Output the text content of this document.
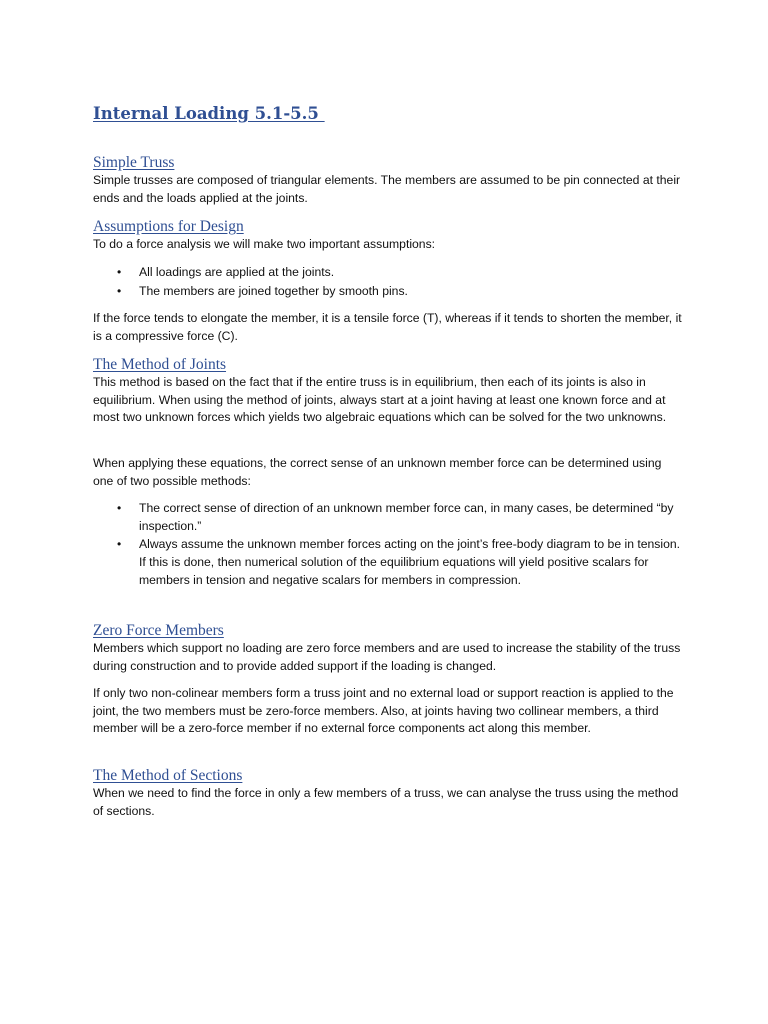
Internal Loading 5.1-5.5
Simple Truss

Simple trusses are composed of triangular elements. The members are assumed to be pin connected at their ends and the loads applied at the joints.

Assumptions for Design

To do a force analysis we will make two important assumptions:

• All loadings are applied at the joints.
• The members are joined together by smooth pins.

If the force tends to elongate the member, it is a tensile force (T), whereas if it tends to shorten the member, it is a compressive force (C).

The Method of Joints

This method is based on the fact that if the entire truss is in equilibrium, then each of its joints is also in equilibrium. When using the method of joints, always start at a joint having at least one known force and at most two unknown forces which yields two algebraic equations which can be solved for the two unknowns.

When applying these equations, the correct sense of an unknown member force can be determined using one of two possible methods:

• The correct sense of direction of an unknown member force can, in many cases, be determined “by inspection.”
• Always assume the unknown member forces acting on the joint’s free-body diagram to be in tension. If this is done, then numerical solution of the equilibrium equations will yield positive scalars for members in tension and negative scalars for members in compression.
Zero Force Members

Members which support no loading are zero force members and are used to increase the stability of the truss during construction and to provide added support if the loading is changed.

If only two non-colinear members form a truss joint and no external load or support reaction is applied to the joint, the two members must be zero-force members. Also, at joints having two collinear members, a third member will be a zero-force member if no external force components act along this member.

The Method of Sections

When we need to find the force in only a few members of a truss, we can analyse the truss using the method of sections.
